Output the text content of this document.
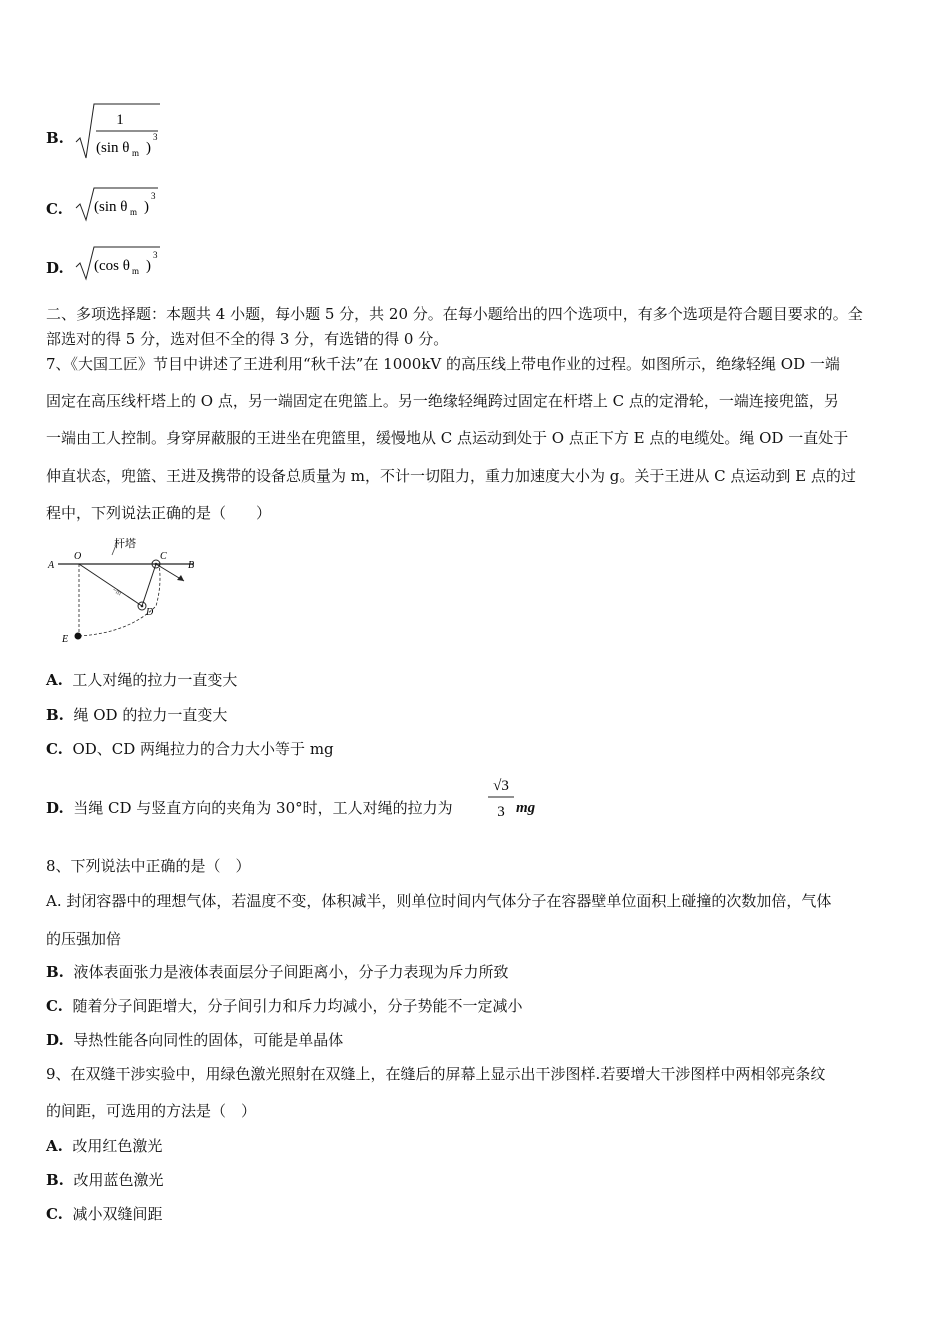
B.
1
(sin θ m )
3
C. (sin θ m )
3
D. (cos θ m )
3
二、多项选择题：本题共 4 小题，每小题 5 分，共 20 分。在每小题给出的四个选项中，有多个选项是符合题目要求的。全
部选对的得 5 分，选对但不全的得 3 分，有选错的得 0 分。
7、《大国工匠》节目中讲述了王进利用“秋千法”在 1000kV 的高压线上带电作业的过程。如图所示，绝缘轻绳 OD 一端
固定在高压线杆塔上的 O 点，另一端固定在兜篮上。另一绝缘轻绳跨过固定在杆塔上 C 点的定滑轮，一端连接兜篮，另
一端由工人控制。身穿屏蔽服的王进坐在兜篮里，缓慢地从 C 点运动到处于 O 点正下方 E 点的电缆处。绳 OD 一直处于
伸直状态，兜篮、王进及携带的设备总质量为 m，不计一切阻力，重力加速度大小为 g。关于王进从 C 点运动到 E 点的过
程中，下列说法正确的是（　　）
杆塔
A
O	C
B
D
E
~m
A. 工人对绳的拉力一直变大
B. 绳 OD 的拉力一直变大
C. OD、CD 两绳拉力的合力大小等于 mg
D. 当绳 CD 与竖直方向的夹角为 30°时，工人对绳的拉力为
√3
3 mg
8、下列说法中正确的是（　）
A. 封闭容器中的理想气体，若温度不变，体积减半，则单位时间内气体分子在容器壁单位面积上碰撞的次数加倍，气体
的压强加倍
B. 液体表面张力是液体表面层分子间距离小，分子力表现为斥力所致
C. 随着分子间距增大，分子间引力和斥力均减小，分子势能不一定减小
D. 导热性能各向同性的固体，可能是单晶体
9、在双缝干涉实验中，用绿色激光照射在双缝上，在缝后的屏幕上显示出干涉图样.若要增大干涉图样中两相邻亮条纹
的间距，可选用的方法是（　）
A. 改用红色激光
B. 改用蓝色激光
C. 减小双缝间距
